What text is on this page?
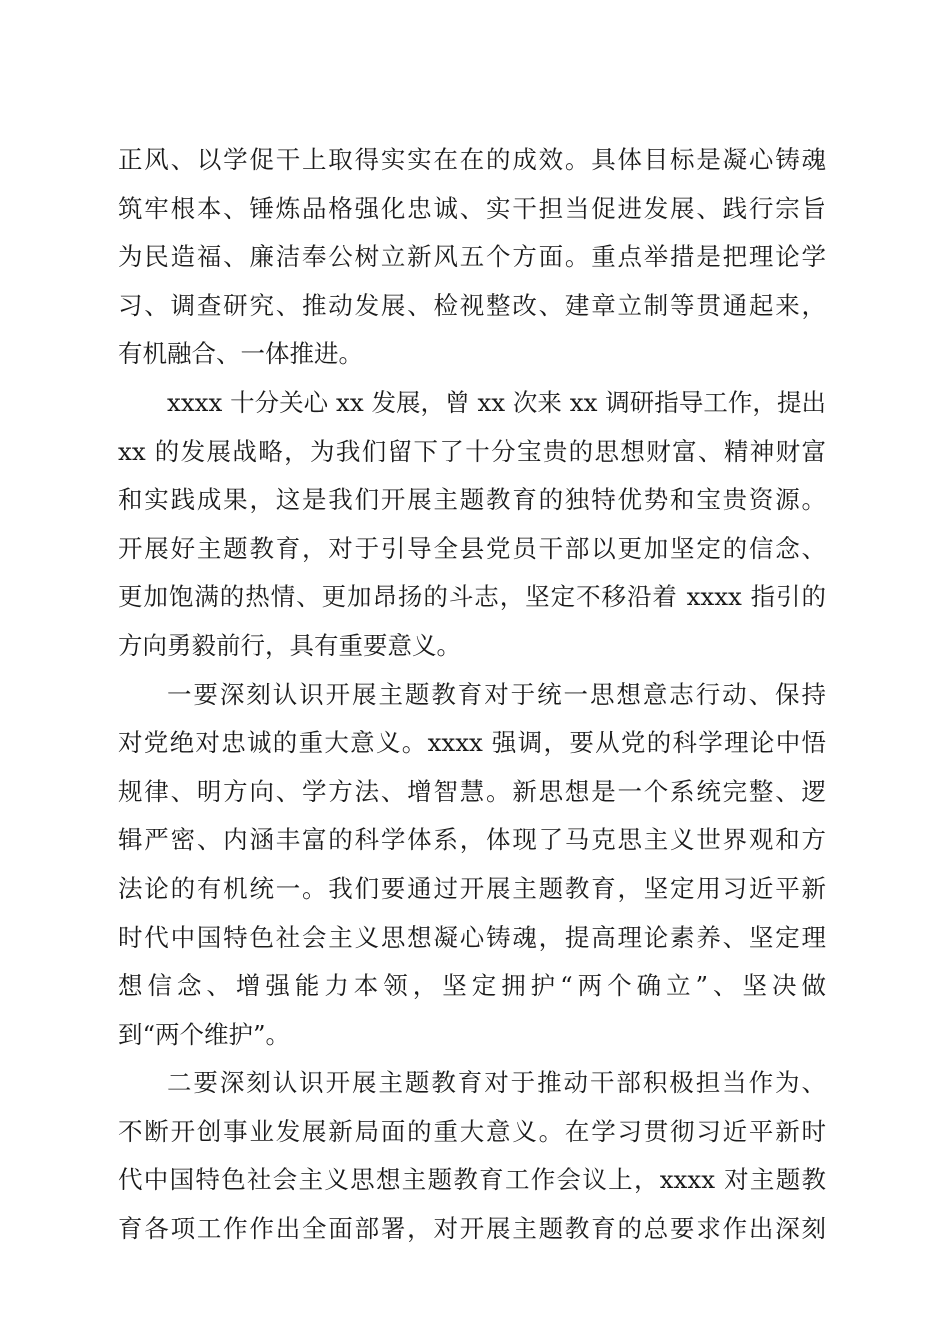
正风、以学促干上取得实实在在的成效。具体目标是凝心铸魂
筑牢根本、锤炼品格强化忠诚、实干担当促进发展、践行宗旨
为民造福、廉洁奉公树立新风五个方面。重点举措是把理论学
习、调查研究、推动发展、检视整改、建章立制等贯通起来，
有机融合、一体推进。
xxxx 十分关心 xx 发展，曾 xx 次来 xx 调研指导工作，提出
xx 的发展战略，为我们留下了十分宝贵的思想财富、精神财富
和实践成果，这是我们开展主题教育的独特优势和宝贵资源。
开展好主题教育，对于引导全县党员干部以更加坚定的信念、
更加饱满的热情、更加昂扬的斗志，坚定不移沿着 xxxx 指引的
方向勇毅前行，具有重要意义。
一要深刻认识开展主题教育对于统一思想意志行动、保持
对党绝对忠诚的重大意义。xxxx 强调，要从党的科学理论中悟
规律、明方向、学方法、增智慧。新思想是一个系统完整、逻
辑严密、内涵丰富的科学体系，体现了马克思主义世界观和方
法论的有机统一。我们要通过开展主题教育，坚定用习近平新
时代中国特色社会主义思想凝心铸魂，提高理论素养、坚定理
想信念、增强能力本领，坚定拥护“两个确立”、坚决做
到“两个维护”。
二要深刻认识开展主题教育对于推动干部积极担当作为、
不断开创事业发展新局面的重大意义。在学习贯彻习近平新时
代中国特色社会主义思想主题教育工作会议上，xxxx 对主题教
育各项工作作出全面部署，对开展主题教育的总要求作出深刻
